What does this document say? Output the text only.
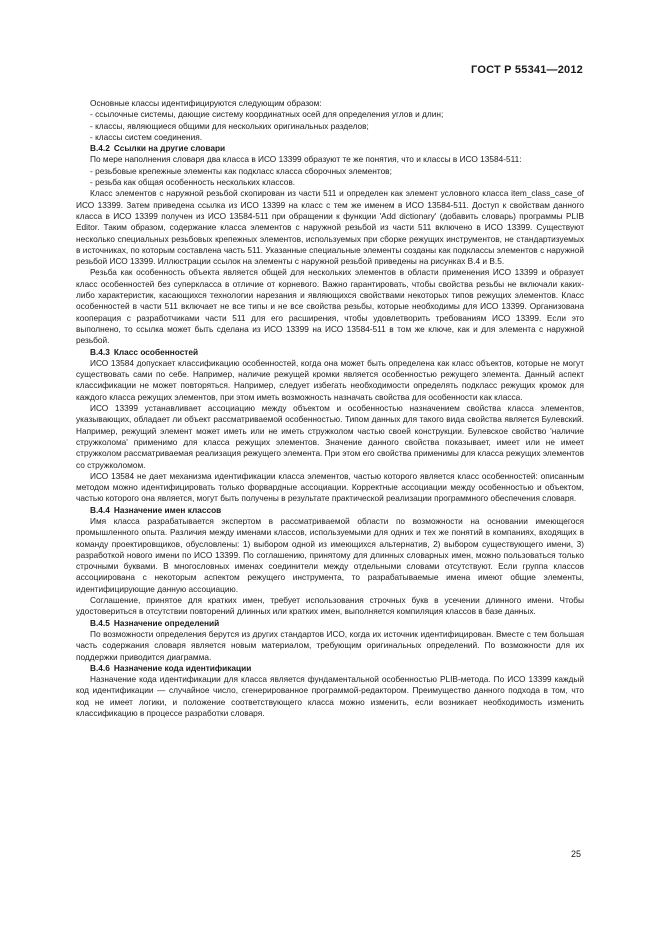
ГОСТ Р 55341—2012

Основные классы идентифицируются следующим образом:

- ссылочные системы, дающие систему координатных осей для определения углов и длин;

- классы, являющиеся общими для нескольких оригинальных разделов;

- классы систем соединения.

В.4.2 Ссылки на другие словари

По мере наполнения словаря два класса в ИСО 13399 образуют те же понятия, что и классы в ИСО 13584-511:

- резьбовые крепежные элементы как подкласс класса сборочных элементов;

- резьба как общая особенность нескольких классов.

Класс элементов с наружной резьбой скопирован из части 511 и определен как элемент условного класса item_class_case_of ИСО 13399. Затем приведена ссылка из ИСО 13399 на класс с тем же именем в ИСО 13584-511. Доступ к свойствам данного класса в ИСО 13399 получен из ИСО 13584-511 при обращении к функции 'Add dictionary' (добавить словарь) программы PLIB Editor. Таким образом, содержание класса элементов с наружной резьбой из части 511 включено в ИСО 13399. Существуют несколько специальных резьбовых крепежных элементов, используемых при сборке режущих инструментов, не стандартизуемых в источниках, по которым составлена часть 511. Указанные специальные элементы созданы как подклассы элементов с наружной резьбой ИСО 13399. Иллюстрации ссылок на элементы с наружной резьбой приведены на рисунках В.4 и В.5.

Резьба как особенность объекта является общей для нескольких элементов в области применения ИСО 13399 и образует класс особенностей без суперкласса в отличие от корневого. Важно гарантировать, чтобы свойства резьбы не включали каких-либо характеристик, касающихся технологии нарезания и являющихся свойствами некоторых типов режущих элементов. Класс особенностей в части 511 включает не все типы и не все свойства резьбы, которые необходимы для ИСО 13399. Организована кооперация с разработчиками части 511 для его расширения, чтобы удовлетворить требованиям ИСО 13399. Если это выполнено, то ссылка может быть сделана из ИСО 13399 на ИСО 13584-511 в том же ключе, как и для элемента с наружной резьбой.

В.4.3 Класс особенностей

ИСО 13584 допускает классификацию особенностей, когда она может быть определена как класс объектов, которые не могут существовать сами по себе. Например, наличие режущей кромки является особенностью режущего элемента. Данный аспект классификации не может повторяться. Например, следует избегать необходимости определять подкласс режущих кромок для каждого класса режущих элементов, при этом иметь возможность назначать свойства для особенности как класса.

ИСО 13399 устанавливает ассоциацию между объектом и особенностью назначением свойства класса элементов, указывающих, обладает ли объект рассматриваемой особенностью. Типом данных для такого вида свойства является Булевский. Например, режущий элемент может иметь или не иметь стружколом частью своей конструкции. Булевское свойство 'наличие стружколома' применимо для класса режущих элементов. Значение данного свойства показывает, имеет или не имеет стружколом рассматриваемая реализация режущего элемента. При этом его свойства применимы для класса режущих элементов со стружколомом.

ИСО 13584 не дает механизма идентификации класса элементов, частью которого является класс особенностей: описанным методом можно идентифицировать только форвардные ассоциации. Корректные ассоциации между особенностью и объектом, частью которого она является, могут быть получены в результате практической реализации программного обеспечения словаря.

В.4.4 Назначение имен классов

Имя класса разрабатывается экспертом в рассматриваемой области по возможности на основании имеющегося промышленного опыта. Различия между именами классов, используемыми для одних и тех же понятий в компаниях, входящих в команду проектировщиков, обусловлены: 1) выбором одной из имеющихся альтернатив, 2) выбором существующего имени, 3) разработкой нового имени по ИСО 13399. По соглашению, принятому для длинных словарных имен, можно пользоваться только строчными буквами. В многословных именах соединители между отдельными словами отсутствуют. Если группа классов ассоциирована с некоторым аспектом режущего инструмента, то разрабатываемые имена имеют общие элементы, идентифицирующие данную ассоциацию.

Соглашение, принятое для кратких имен, требует использования строчных букв в усечении длинного имени. Чтобы удостовериться в отсутствии повторений длинных или кратких имен, выполняется компиляция классов в базе данных.

В.4.5 Назначение определений

По возможности определения берутся из других стандартов ИСО, когда их источник идентифицирован. Вместе с тем большая часть содержания словаря является новым материалом, требующим оригинальных определений. По возможности для их поддержки приводится диаграмма.

В.4.6 Назначение кода идентификации

Назначение кода идентификации для класса является фундаментальной особенностью PLIB-метода. По ИСО 13399 каждый код идентификации — случайное число, сгенерированное программой-редактором. Преимущество данного подхода в том, что код не имеет логики, и положение соответствующего класса можно изменить, если возникает необходимость изменить классификацию в процессе разработки словаря.

25
